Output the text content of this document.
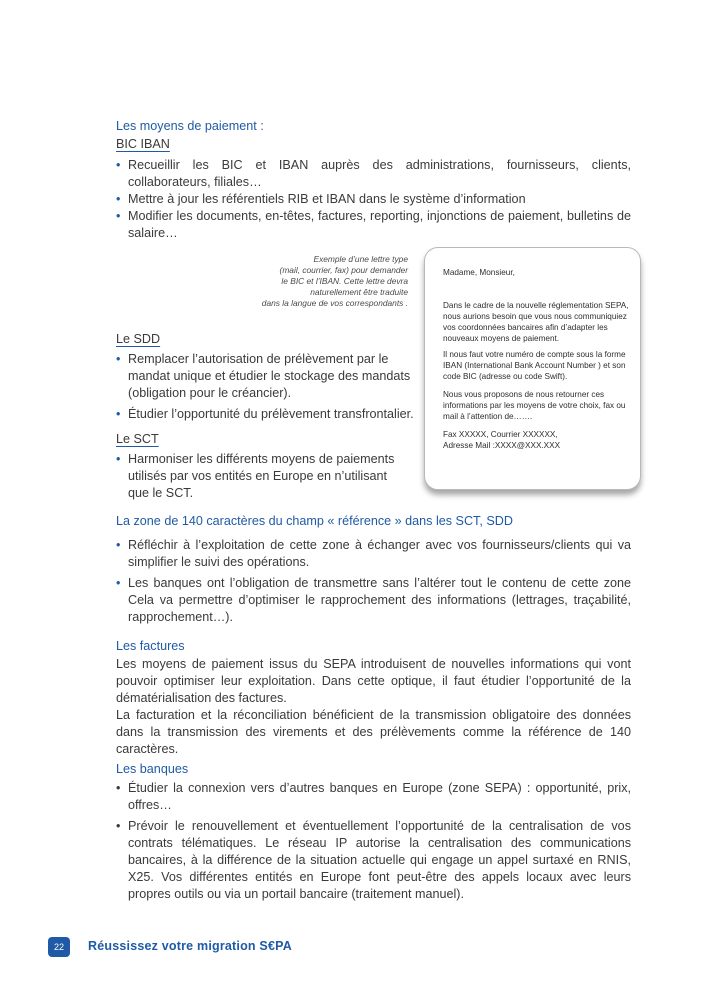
Les moyens de paiement :
BIC IBAN
• Recueillir les BIC et IBAN auprès des administrations, fournisseurs, clients, collaborateurs, filiales…
• Mettre à jour les référentiels RIB et IBAN dans le système d’information
• Modifier les documents, en-têtes, factures, reporting, injonctions de paiement, bulletins de salaire…
Exemple d’une lettre type
(mail, courrier, fax) pour demander
le BIC et l’IBAN. Cette lettre devra
naturellement être traduite
dans la langue de vos correspondants .

Madame, Monsieur,

Dans le cadre de la nouvelle réglementation SEPA, nous aurions besoin que vous nous communiquiez vos coordonnées bancaires afin d’adapter les nouveaux moyens de paiement.

Il nous faut votre numéro de compte sous la forme IBAN (International Bank Account Number ) et son code BIC (adresse ou code Swift).

Nous vous proposons de nous retourner ces informations par les moyens de votre choix, fax ou mail à l’attention de…….

Fax XXXXX, Courrier XXXXXX,

Adresse Mail :XXXX@XXX.XXX

Le SDD
• Remplacer l’autorisation de prélèvement par le mandat unique et étudier le stockage des mandats (obligation pour le créancier).
• Étudier l’opportunité du prélèvement transfrontalier.
Le SCT
• Harmoniser les différents moyens de paiements utilisés par vos entités en Europe en n’utilisant que le SCT.
La zone de 140 caractères du champ « référence » dans les SCT, SDD
• Réfléchir à l’exploitation de cette zone à échanger avec vos fournisseurs/clients qui va simplifier le suivi des opérations.
• Les banques ont l’obligation de transmettre sans l’altérer tout le contenu de cette zone Cela va permettre d’optimiser le rapprochement des informations (lettrages, traçabilité, rapprochement…).
Les factures
Les moyens de paiement issus du SEPA introduisent de nouvelles informations qui vont pouvoir optimiser leur exploitation. Dans cette optique, il faut étudier l’opportunité de la dématérialisation des factures.
La facturation et la réconciliation bénéficient de la transmission obligatoire des données dans la transmission des virements et des prélèvements comme la référence de 140 caractères.
Les banques
• Étudier la connexion vers d’autres banques en Europe (zone SEPA) : opportunité, prix, offres…
• Prévoir le renouvellement et éventuellement l’opportunité de la centralisation de vos contrats télématiques. Le réseau IP autorise la centralisation des communications bancaires, à la différence de la situation actuelle qui engage un appel surtaxé en RNIS, X25. Vos différentes entités en Europe font peut-être des appels locaux avec leurs propres outils ou via un portail bancaire (traitement manuel).
22	Réussissez votre migration S€PA
